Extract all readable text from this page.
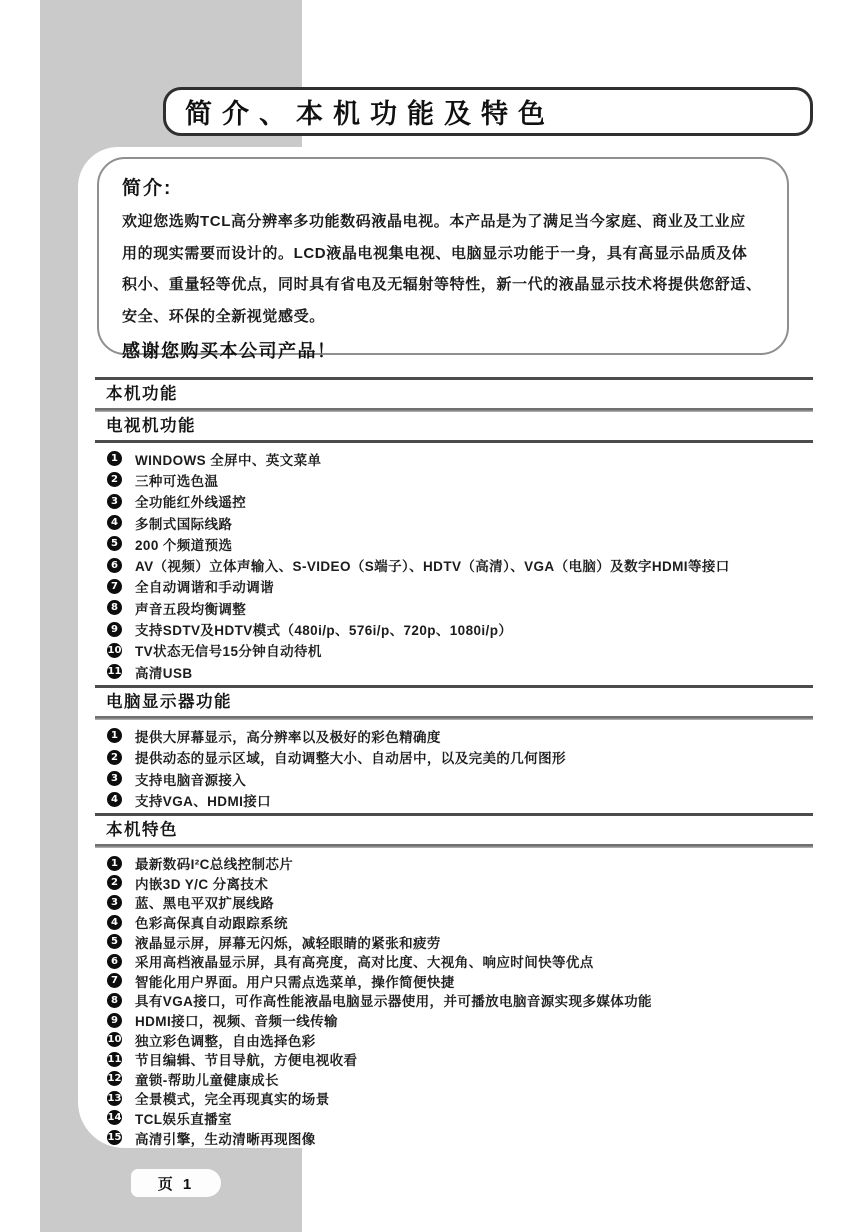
简介、本机功能及特色
简介:
欢迎您选购TCL高分辨率多功能数码液晶电视。本产品是为了满足当今家庭、商业及工业应
用的现实需要而设计的。LCD液晶电视集电视、电脑显示功能于一身，具有高显示品质及体
积小、重量轻等优点，同时具有省电及无辐射等特性，新一代的液晶显示技术将提供您舒适、
安全、环保的全新视觉感受。
感谢您购买本公司产品！
本机功能
电视机功能
1 WINDOWS 全屏中、英文菜单
2 三种可选色温
3 全功能红外线遥控
4 多制式国际线路
5 200 个频道预选
6 AV（视频）立体声输入、S-VIDEO（S端子）、HDTV（高清）、VGA（电脑）及数字HDMI等接口
7 全自动调谐和手动调谐
8 声音五段均衡调整
9 支持SDTV及HDTV模式（480i/p、576i/p、720p、1080i/p）
10 TV状态无信号15分钟自动待机
11 高清USB
电脑显示器功能
1 提供大屏幕显示，高分辨率以及极好的彩色精确度
2 提供动态的显示区域，自动调整大小、自动居中，以及完美的几何图形
3 支持电脑音源接入
4 支持VGA、HDMI接口
本机特色
1 最新数码I²C总线控制芯片
2 内嵌3D Y/C 分离技术
3 蓝、黑电平双扩展线路
4 色彩高保真自动跟踪系统
5 液晶显示屏，屏幕无闪烁，减轻眼睛的紧张和疲劳
6 采用高档液晶显示屏，具有高亮度，高对比度、大视角、响应时间快等优点
7 智能化用户界面。用户只需点选菜单，操作简便快捷
8 具有VGA接口，可作高性能液晶电脑显示器使用，并可播放电脑音源实现多媒体功能
9 HDMI接口，视频、音频一线传输
10 独立彩色调整，自由选择色彩
11 节目编辑、节目导航，方便电视收看
12 童锁-帮助儿童健康成长
13 全景模式，完全再现真实的场景
14 TCL娱乐直播室
15 高清引擎，生动清晰再现图像
页 1
